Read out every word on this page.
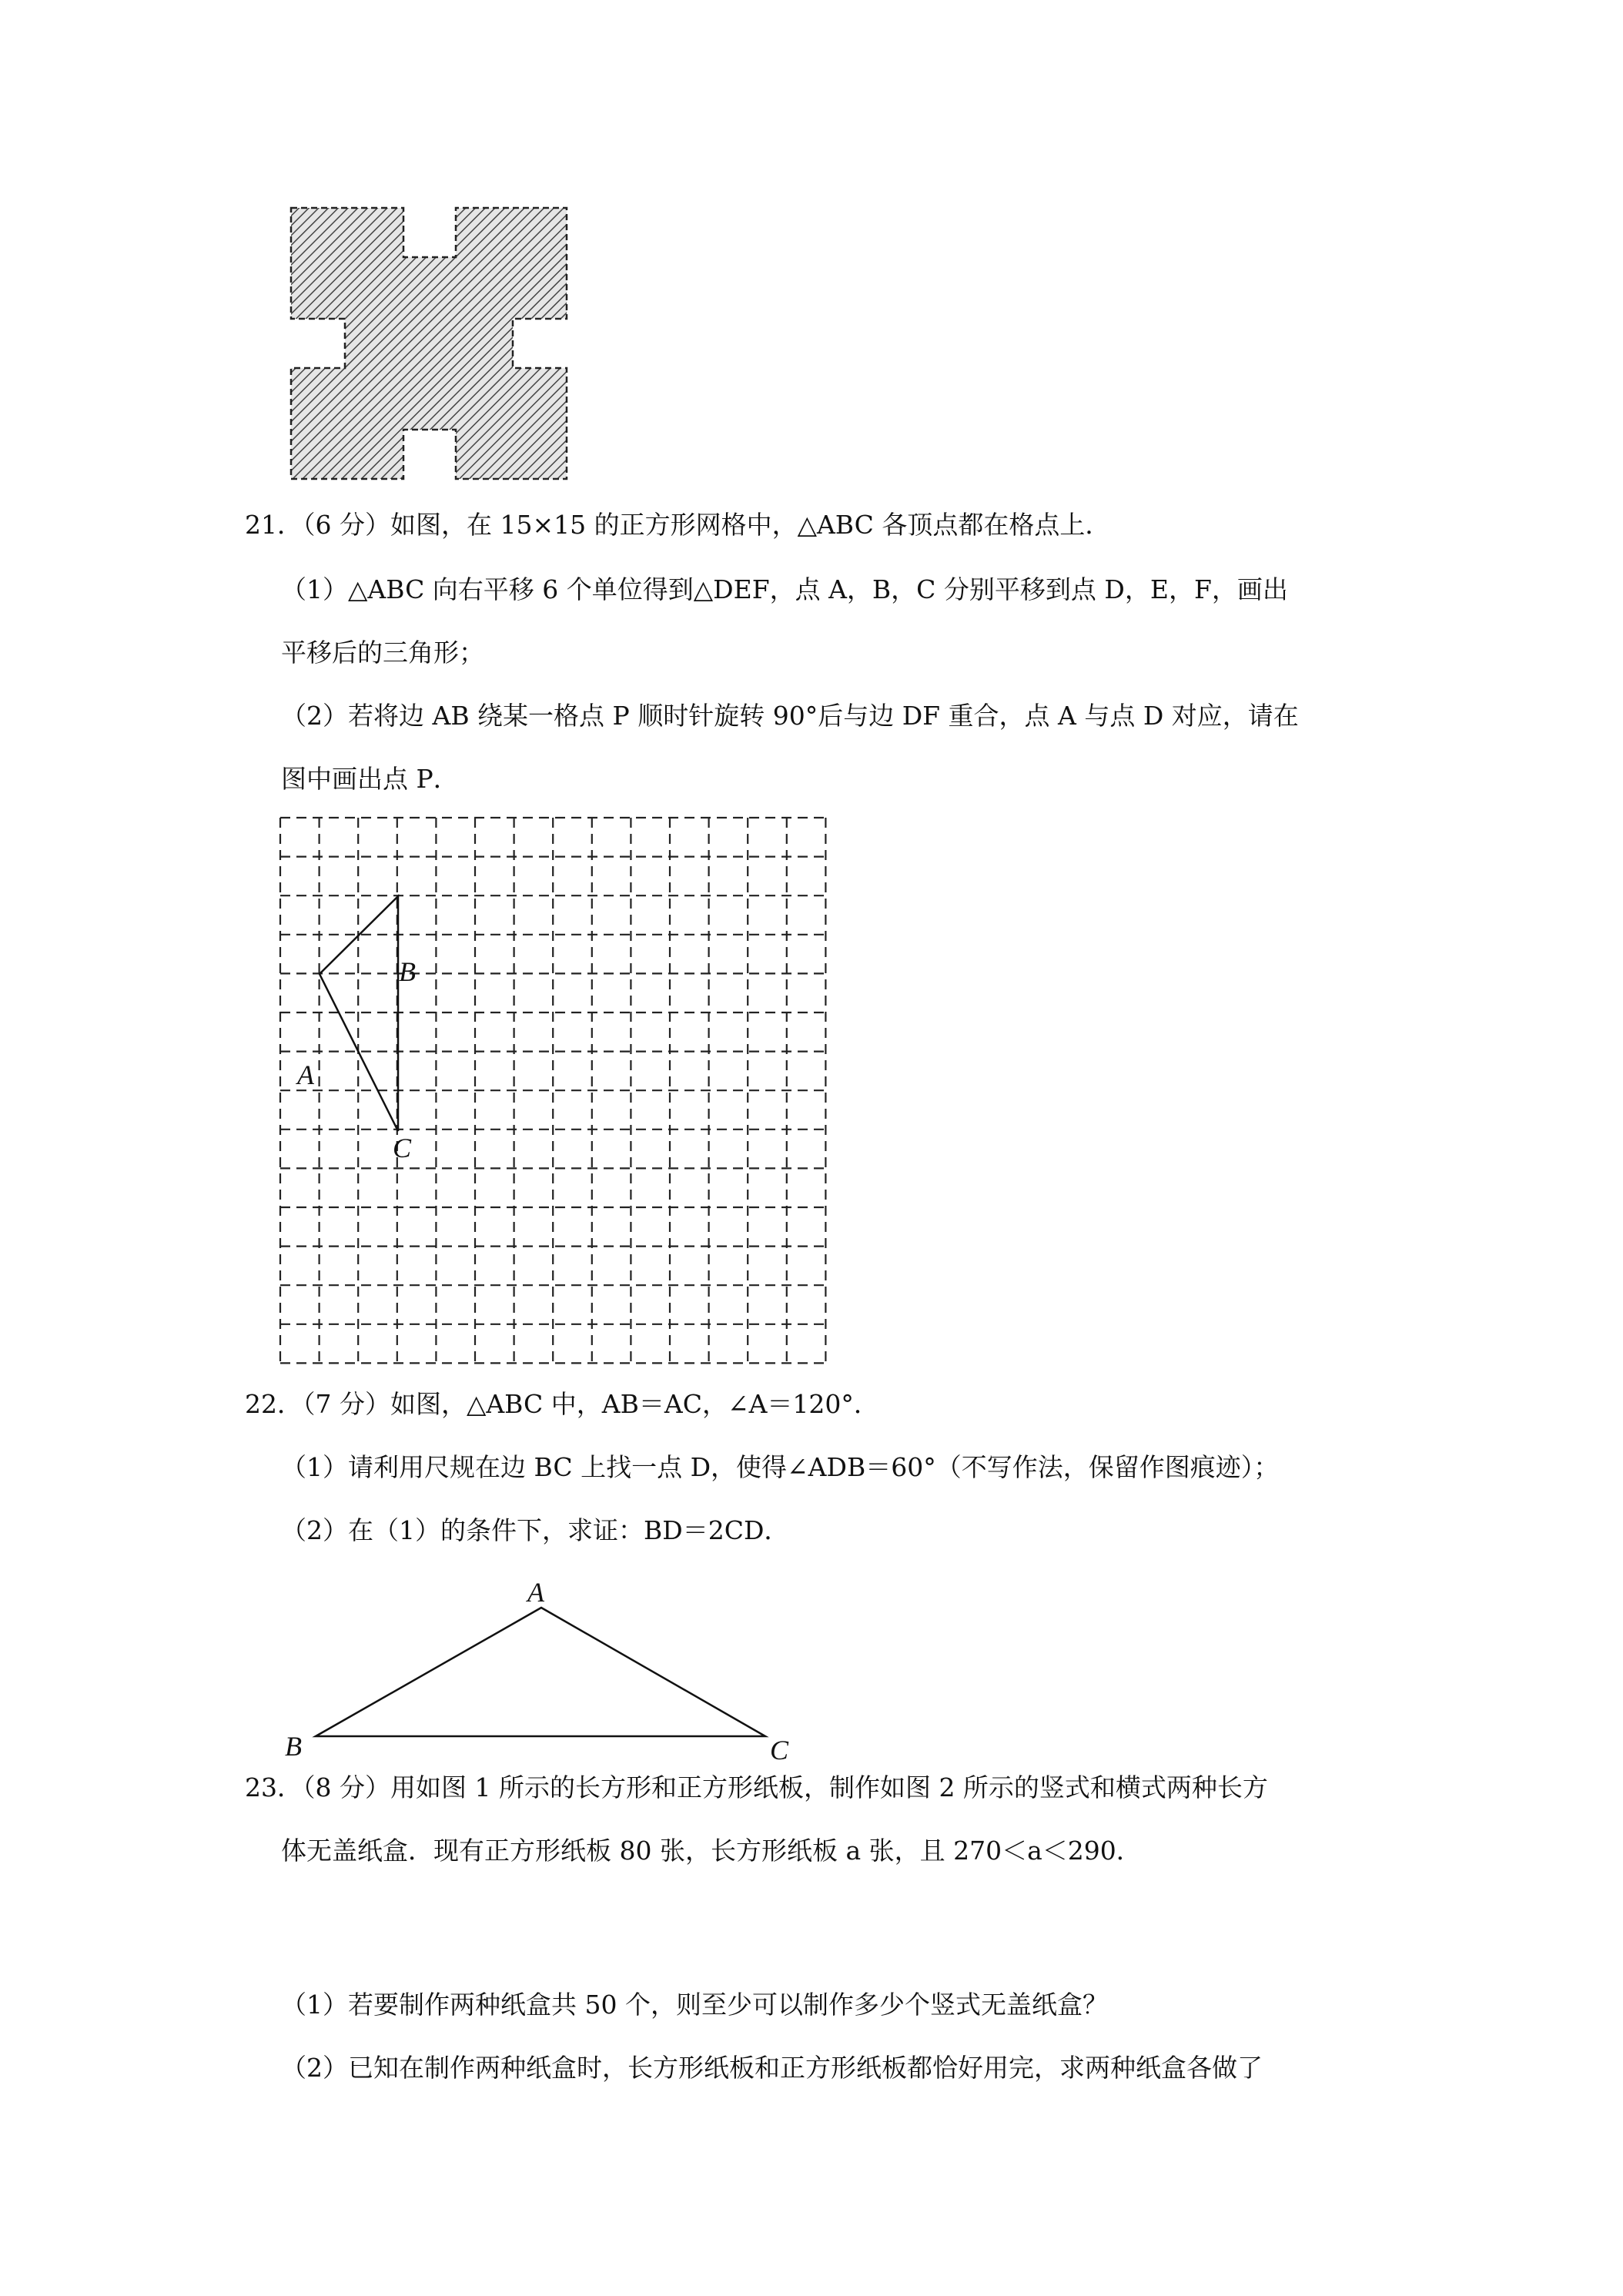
21．（6 分）如图，在 15×15 的正方形网格中，△ABC 各顶点都在格点上．
（1）△ABC 向右平移 6 个单位得到△DEF，点 A，B，C 分别平移到点 D，E，F，画出
平移后的三角形；
（2）若将边 AB 绕某一格点 P 顺时针旋转 90°后与边 DF 重合，点 A 与点 D 对应，请在
图中画出点 P．
B
A
C
22．（7 分）如图，△ABC 中，AB＝AC，∠A＝120°．
（1）请利用尺规在边 BC 上找一点 D，使得∠ADB＝60°（不写作法，保留作图痕迹）；
（2）在（1）的条件下，求证：BD＝2CD．
A
B	C
23．（8 分）用如图 1 所示的长方形和正方形纸板，制作如图 2 所示的竖式和横式两种长方
体无盖纸盒．现有正方形纸板 80 张，长方形纸板 a 张，且 270＜a＜290．
（1）若要制作两种纸盒共 50 个，则至少可以制作多少个竖式无盖纸盒？
（2）已知在制作两种纸盒时，长方形纸板和正方形纸板都恰好用完，求两种纸盒各做了
